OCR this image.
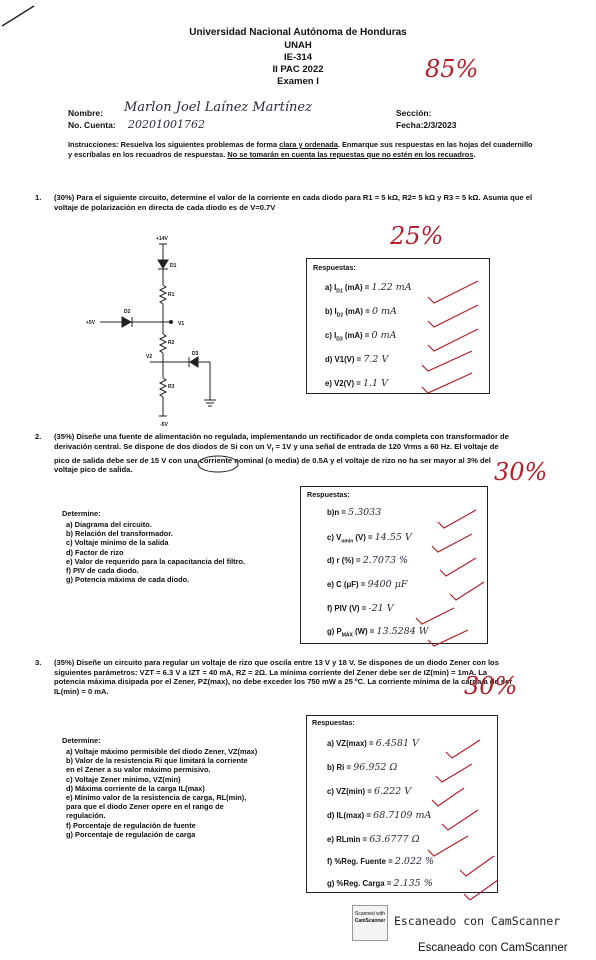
Universidad Nacional Autónoma de Honduras
UNAH
IE-314
II PAC 2022
Examen I	85%
Nombre: Marlon Joel Laínez Martínez
No. Cuenta: 20201001762
Sección:
Fecha:2/3/2023
Instrucciones: Resuelva los siguientes problemas de forma clara y ordenada. Enmarque sus respuestas en las hojas del cuadernillo y escríbalas en los recuadros de respuestas. No se tomarán en cuenta las repuestas que no estén en los recuadros.
1. (30%) Para el siguiente circuito, determine el valor de la corriente en cada diodo para R1 = 5 kΩ, R2= 5 kΩ y R3 = 5 kΩ. Asuma que el voltaje de polarización en directa de cada diodo es de V=0.7V
25%
+14V
D1
R1
D2
+5V	V1
R2
V2	D3
R3
-5V
Respuestas:
a) $I_{D1}$ (mA) = 1.22 mA
b) $I_{D2}$ (mA) = 0 mA
c) $I_{D3}$ (mA) = 0 mA
d) V1(V) = 7.2 V
e) V2(V) = 1.1 V
2. (35%) Diseñe una fuente de alimentación no regulada, implementando un rectificador de onda completa con transformador de derivación central. Se dispone de dos diodos de Si con un $V_f = 1V$ y una señal de entrada de 120 Vrms a 60 Hz. El voltaje de pico de salida debe ser de 15 V con una corriente nominal (o media) de 0.5A y el voltaje de rizo no ha ser mayor al 3% del voltaje pico de salida.	30%
Determine:
a) Diagrama del circuito.
b) Relación del transformador.
c) Voltaje mínimo de la salida
d) Factor de rizo
e) Valor de requerido para la capacitancia del filtro.
f) PIV de cada diodo.
g) Potencia máxima de cada diodo.
Respuestas:
b)n = 5.3033
c) $V_{omin}$ (V) = 14.55 V
d) r (%) = 2.7073 %
e) C (μF) = 9400 μF
f) PIV (V) = -21 V
g) $P_{MÁX}$ (W) = 13.5284 W
3. (35%) Diseñe un circuito para regular un voltaje de rizo que oscila entre 13 V y 18 V. Se dispones de un diodo Zener con los siguientes parámetros: VZT = 6.3 V a IZT = 40 mA, RZ = 2Ω. La mínima corriente del Zener debe ser de IZ(min) = 1mA. La potencia máxima disipada por el Zener, PZ(max), no debe exceder los 750 mW a 25 ºC. La corriente mínima de la carga a de ser IL(min) = 0 mA.	30%
Determine:
a) Voltaje máximo permisible del diodo Zener, VZ(max)
b) Valor de la resistencia Ri que limitará la corriente
en el Zener a su valor máximo permisivo.
c) Voltaje Zener mínimo, VZ(min)
d) Máxima corriente de la carga IL(max)
e) Mínimo valor de la resistencia de carga, RL(min),
para que el diodo Zener opere en el rango de
regulación.
f) Porcentaje de regulación de fuente
g) Porcentaje de regulación de carga
Respuestas:
a) VZ(max) = 6.4581 V
b) Ri = 96.952 Ω
c) VZ(min) = 6.222 V
d) IL(max) = 68.7109 mA
e) RLmin = 63.6777 Ω
f) %Reg. Fuente = 2.022 %
g) %Reg. Carga = 2.135 %
Scanned with
CamScanner Escaneado con CamScanner
Escaneado con CamScanner
